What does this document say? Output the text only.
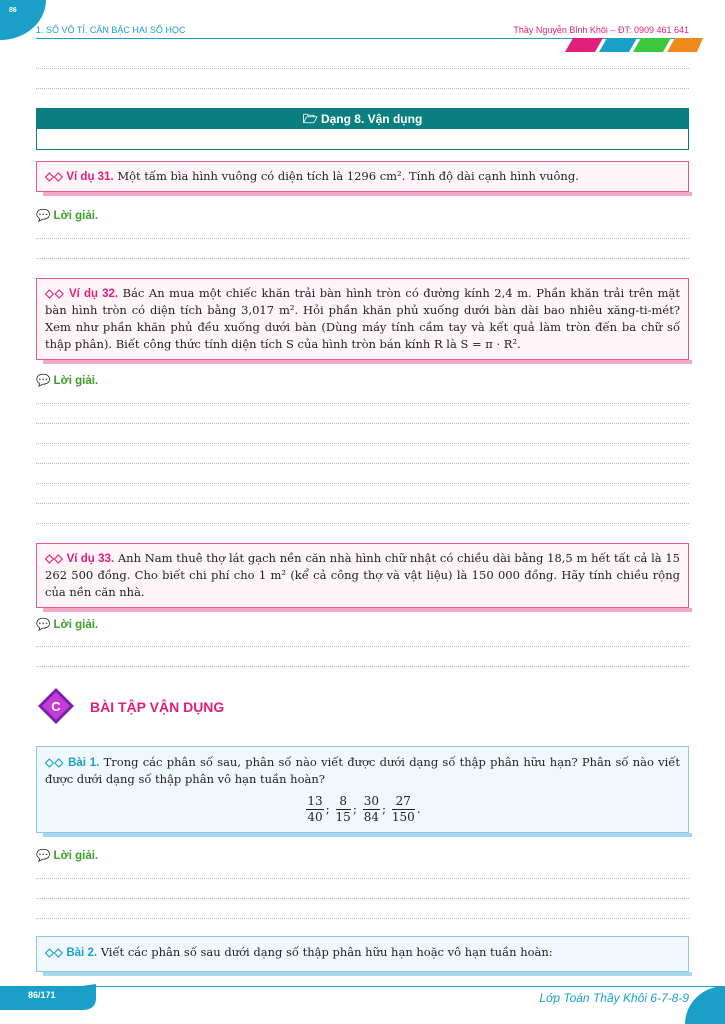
86
1. SỐ VÔ TỈ. CĂN BẬC HAI SỐ HỌC	Thầy Nguyễn Bỉnh Khôi – ĐT: 0909 461 641
🗁 Dạng 8. Vận dụng
◇◇ Ví dụ 31. Một tấm bìa hình vuông có diện tích là 1296 cm². Tính độ dài cạnh hình vuông.
💬 Lời giải.
◇◇ Ví dụ 32. Bác An mua một chiếc khăn trải bàn hình tròn có đường kính 2,4 m. Phần khăn trải trên mặt bàn hình tròn có diện tích bằng 3,017 m². Hỏi phần khăn phủ xuống dưới bàn dài bao nhiêu xăng-ti-mét? Xem như phần khăn phủ đều xuống dưới bàn (Dùng máy tính cầm tay và kết quả làm tròn đến ba chữ số thập phân). Biết công thức tính diện tích S của hình tròn bán kính R là S = π · R².
💬 Lời giải.
◇◇ Ví dụ 33. Anh Nam thuê thợ lát gạch nền căn nhà hình chữ nhật có chiều dài bằng 18,5 m hết tất cả là 15 262 500 đồng. Cho biết chi phí cho 1 m² (kể cả công thợ và vật liệu) là 150 000 đồng. Hãy tính chiều rộng của nền căn nhà.
💬 Lời giải.
C BÀI TẬP VẬN DỤNG
◇◇ Bài 1. Trong các phân số sau, phân số nào viết được dưới dạng số thập phân hữu hạn? Phân số nào viết được dưới dạng số thập phân vô hạn tuần hoàn?
$\frac{13}{40}$ ; $\frac{8}{15}$ ; $\frac{30}{84}$ ; $\frac{27}{150}$ .
💬 Lời giải.
◇◇ Bài 2. Viết các phân số sau dưới dạng số thập phân hữu hạn hoặc vô hạn tuần hoàn:
86/171	Lớp Toán Thầy Khôi 6-7-8-9
